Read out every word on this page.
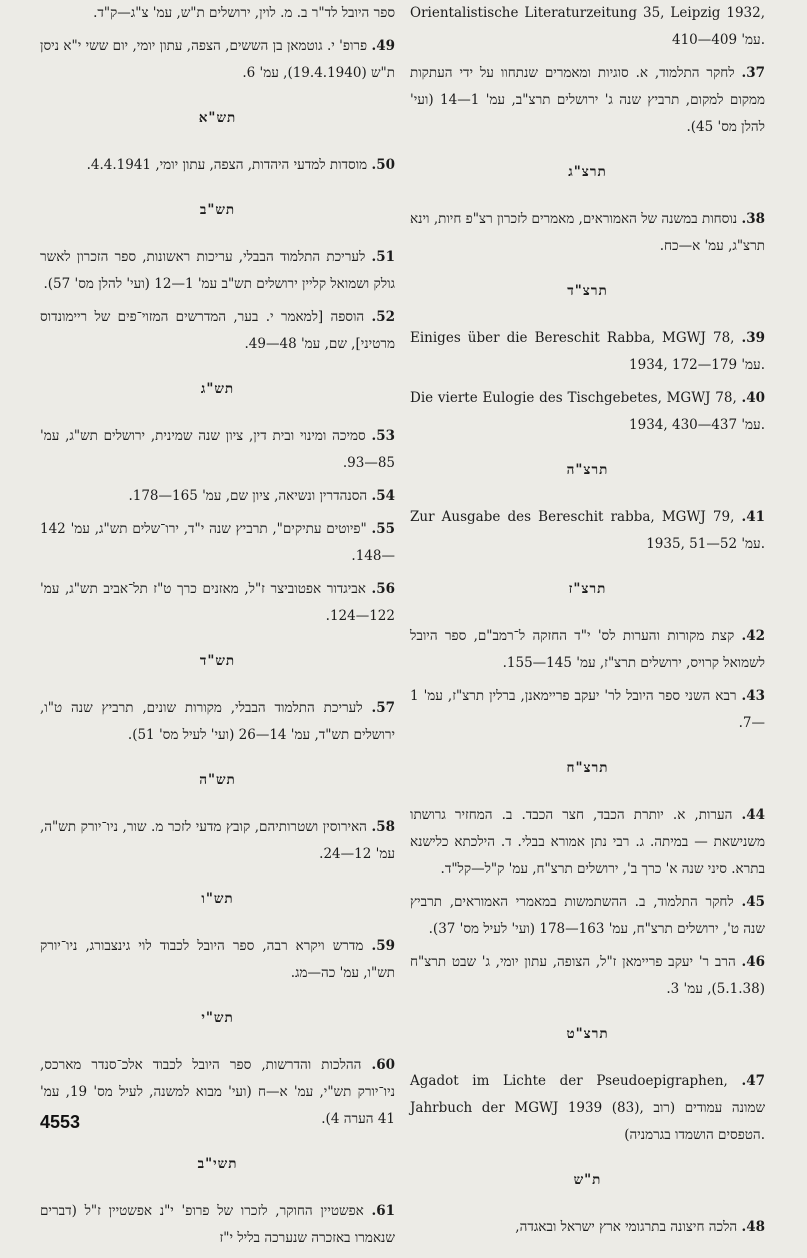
Orientalistische Literaturzeitung 35, Leipzig 1932, עמ' 409—410.
37. לחקר התלמוד, א. סוגיות ומאמרים שנתחוו על ידי העתקות ממקום למקום, תרביץ שנה ג' ירושלים תרצ"ב, עמ' 1—14 (ועי' להלן מס' 45).
תרצ"ג
38. נוסחות במשנה של האמוראים, מאמרים לזכרון רצ"פ חיות, וינא תרצ"ג, עמ' א—כח.
תרצ"ד
39. Einiges über die Bereschit Rabba, MGWJ 78, 1934, עמ' 179—172.
40. Die vierte Eulogie des Tischgebetes, MGWJ 78, 1934, עמ' 437—430.
תרצ"ה
41. Zur Ausgabe des Bereschit rabba, MGWJ 79, 1935, עמ' 52—51.
תרצ"ז
42. קצת מקורות והערות לס' י"ד החזקה ל־רמב"ם, ספר היובל לשמואל קרויס, ירושלים תרצ"ז, עמ' 145—155.
43. רבא השני ספר היובל לר' יעקב פריימאנן, ברלין תרצ"ז, עמ' 1—7.
תרצ"ח
44. הערות, א. יותרת הכבד, חצר הכבד. ב. המחזיר גרושתו משנישאת — במיתה. ג. רבי נתן אמורא בבלי. ד. הילכתא כלישנא בתרא. סיני שנה א' כרך ב', ירושלים תרצ"ח, עמ' ק"ל—קל"ד.
45. לחקר התלמוד, ב. ההשתמשות במאמרי האמוראים, תרביץ שנה ט', ירושלים תרצ"ח, עמ' 163—178 (ועי' לעיל מס' 37).
46. הרב ר' יעקב פריימאן ז"ל, הצופה, עתון יומי, ג' שבט תרצ"ח (5.1.38), עמ' 3.
תרצ"ט
47. Agadot im Lichte der Pseudoepigraphen, Jahrbuch der MGWJ 1939 (83), שמונה עמודים (רוב הטפסים הושמדו בגרמניה).
ת"ש
48. הלכה חיצונה בתרגומי ארץ ישראל ובאגדה,
ספר היובל לד"ר ב. מ. לוין, ירושלים ת"ש, עמ' צ"ג—ק"ד.
49. פרופ' י. גוטמאן בן הששים, הצפה, עתון יומי, יום ששי י"א ניסן ת"ש (19.4.1940), עמ' 6.
תש"א
50. מוסדות למדעי היהדות, הצפה, עתון יומי, 4.4.1941.
תש"ב
51. לעריכת התלמוד הבבלי, עריכות ראשונות, ספר הזכרון לאשר גולק ושמואל קליין ירושלים תש"ב עמ' 1—12 (ועי' להלן מס' 57).
52. הוספה [למאמר י. בער, המדרשים המזוי־פים של ריימונדוס מרטיני], שם, עמ' 48—49.
תש"ג
53. סמיכה ומינוי ובית דין, ציון שנה שמינית, ירושלים תש"ג, עמ' 85—93.
54. הסנהדרין ונשיאה, ציון שם, עמ' 165—178.
55. "פיוטים עתיקים", תרביץ שנה י"ד, ירו־שלים תש"ג, עמ' 142—148.
56. אביגדור אפטוביצר ז"ל, מאזנים כרך ט"ז תל־אביב תש"ג, עמ' 122—124.
תש"ד
57. לעריכת התלמוד הבבלי, מקורות שונים, תרביץ שנה ט"ו, ירושלים תש"ד, עמ' 14—26 (ועי' לעיל מס' 51).
תש"ה
58. האירוסין ושטרותיהם, קובץ מדעי לזכר מ. שור, ניו־יורק תש"ה, עמ' 12—24.
תש"ו
59. מדרש ויקרא רבה, ספר היובל לכבוד לוי גינצבורג, ניו־יורק תש"ו, עמ' כה—מג.
תש"י
60. ההלכות והדרשות, ספר היובל לכבוד אלכ־סנדר מארכס, ניו־יורק תש"י, עמ' א—ח (ועי' מבוא למשנה, לעיל מס' 19, עמ' 41 הערה 4).
תשי"ב
61. אפשטיין החוקר, לזכרו של פרופ' י"נ אפשטיין ז"ל (דברים שנאמרו באזכרה שנערכה בליל י"ז
4553
